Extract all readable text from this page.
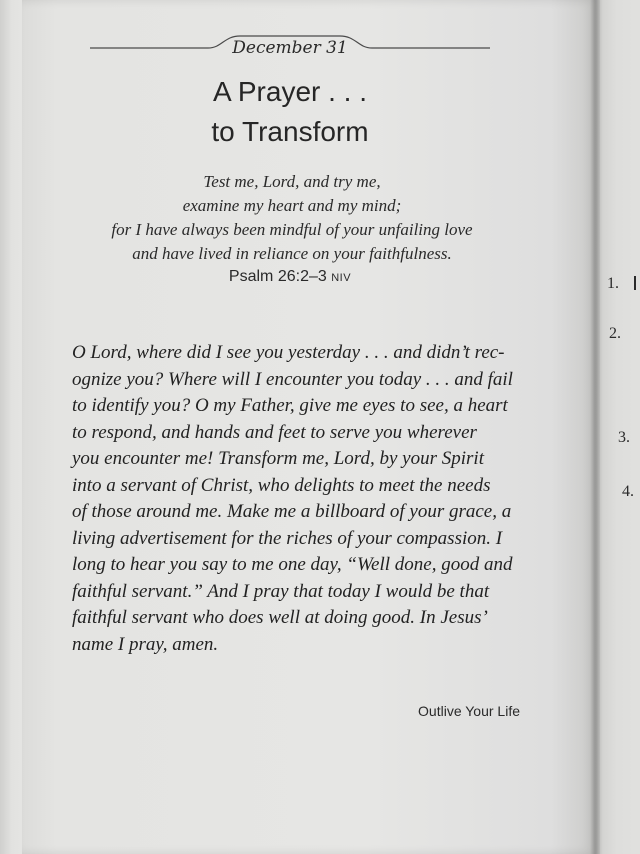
December 31
A Prayer . . .
to Transform
Test me, Lord, and try me,
examine my heart and my mind;
for I have always been mindful of your unfailing love
and have lived in reliance on your faithfulness.
Psalm 26:2–3 NIV
O Lord, where did I see you yesterday . . . and didn’t rec-
ognize you? Where will I encounter you today . . . and fail
to identify you? O my Father, give me eyes to see, a heart
to respond, and hands and feet to serve you wherever
you encounter me! Transform me, Lord, by your Spirit
into a servant of Christ, who delights to meet the needs
of those around me. Make me a billboard of your grace, a
living advertisement for the riches of your compassion. I
long to hear you say to me one day, “Well done, good and
faithful servant.” And I pray that today I would be that
faithful servant who does well at doing good. In Jesus’
name I pray, amen.
Outlive Your Life
1.
2.
3.
4.
